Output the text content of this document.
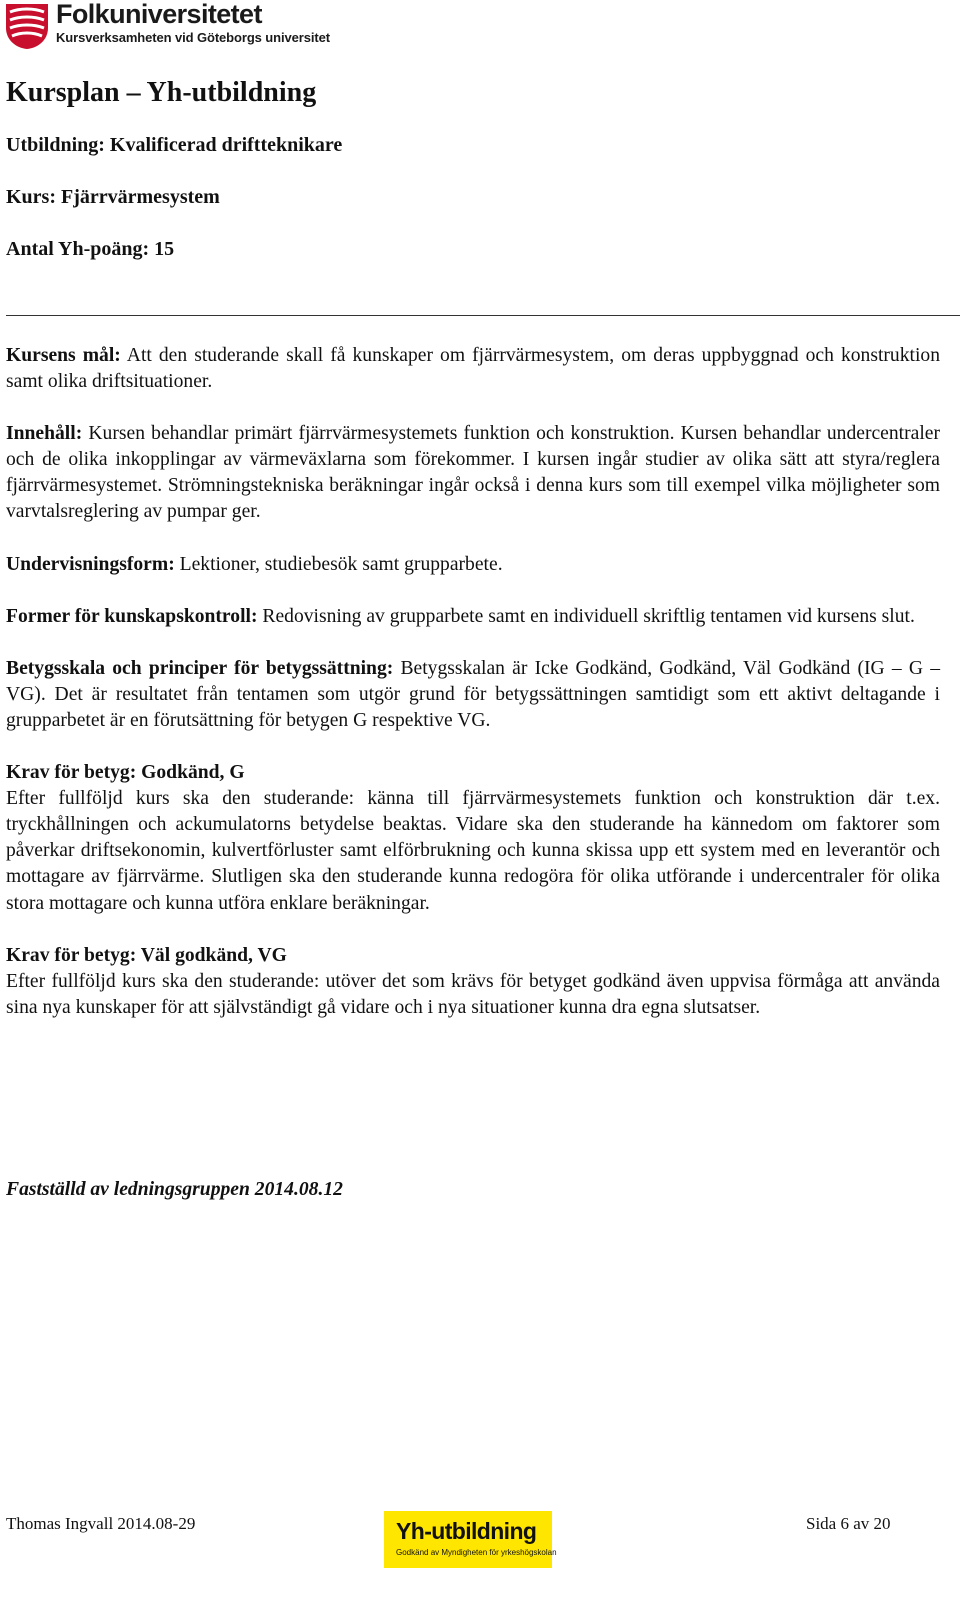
Folkuniversitetet
Kursverksamheten vid Göteborgs universitet
Kursplan – Yh-utbildning

Utbildning: Kvalificerad driftteknikare

Kurs: Fjärrvärmesystem

Antal Yh-poäng: 15

Kursens mål: Att den studerande skall få kunskaper om fjärrvärmesystem, om deras uppbyggnad och konstruktion samt olika driftsituationer.

Innehåll: Kursen behandlar primärt fjärrvärmesystemets funktion och konstruktion. Kursen behandlar undercentraler och de olika inkopplingar av värmeväxlarna som förekommer. I kursen ingår studier av olika sätt att styra/reglera fjärrvärmesystemet. Strömningstekniska beräkningar ingår också i denna kurs som till exempel vilka möjligheter som varvtalsreglering av pumpar ger.

Undervisningsform: Lektioner, studiebesök samt grupparbete.

Former för kunskapskontroll: Redovisning av grupparbete samt en individuell skriftlig tentamen vid kursens slut.

Betygsskala och principer för betygssättning: Betygsskalan är Icke Godkänd, Godkänd, Väl Godkänd (IG – G – VG). Det är resultatet från tentamen som utgör grund för betygssättningen samtidigt som ett aktivt deltagande i grupparbetet är en förutsättning för betygen G respektive VG.

Krav för betyg: Godkänd, G

Efter fullföljd kurs ska den studerande: känna till fjärrvärmesystemets funktion och konstruktion där t.ex. tryckhållningen och ackumulatorns betydelse beaktas. Vidare ska den studerande ha kännedom om faktorer som påverkar driftsekonomin, kulvertförluster samt elförbrukning och kunna skissa upp ett system med en leverantör och mottagare av fjärrvärme. Slutligen ska den studerande kunna redogöra för olika utförande i undercentraler för olika stora mottagare och kunna utföra enklare beräkningar.

Krav för betyg: Väl godkänd, VG

Efter fullföljd kurs ska den studerande: utöver det som krävs för betyget godkänd även uppvisa förmåga att använda sina nya kunskaper för att självständigt gå vidare och i nya situationer kunna dra egna slutsatser.

Fastställd av ledningsgruppen 2014.08.12

Thomas Ingvall 2014.08-29	Yh-utbildning
Godkänd av Myndigheten för yrkeshögskolan

Sida 6 av 20
